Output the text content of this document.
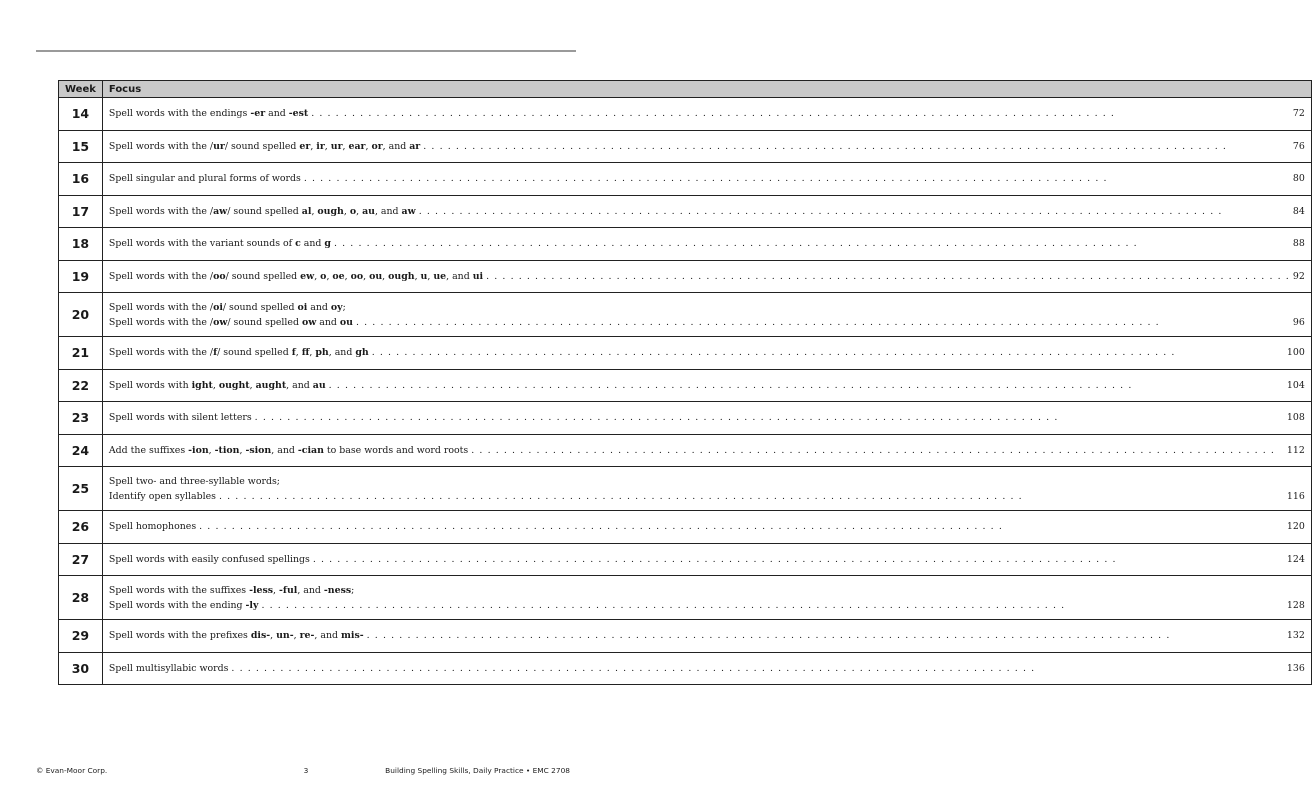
Week	Focus
14	Spell words with the endings -er and -est . . . 72

15	Spell words with the /ur/ sound spelled er, ir, ur, ear, or, and ar . . . 76

16	Spell singular and plural forms of words . . . 80

17	Spell words with the /aw/ sound spelled al, ough, o, au, and aw . . . 84

18	Spell words with the variant sounds of c and g . . . 88

19	Spell words with the /oo/ sound spelled ew, o, oe, oo, ou, ough, u, ue, and ui . . . 92

20	Spell words with the /oi/ sound spelled oi and oy;
Spell words with the /ow/ sound spelled ow and ou . . . 96

21	Spell words with the /f/ sound spelled f, ff, ph, and gh . . . 100

22	Spell words with ight, ought, aught, and au . . . 104

23	Spell words with silent letters . . . 108

24	Add the suffixes -ion, -tion, -sion, and -cian to base words and word roots . . . 112

25	Spell two- and three-syllable words;
Identify open syllables . . . 116

26	Spell homophones . . . 120

27	Spell words with easily confused spellings . . . 124

28	Spell words with the suffixes -less, -ful, and -ness;
Spell words with the ending -ly . . . 128

29	Spell words with the prefixes dis-, un-, re-, and mis- . . . 132

30	Spell multisyllabic words . . . 136
© Evan-Moor Corp.	3	Building Spelling Skills, Daily Practice • EMC 2708
